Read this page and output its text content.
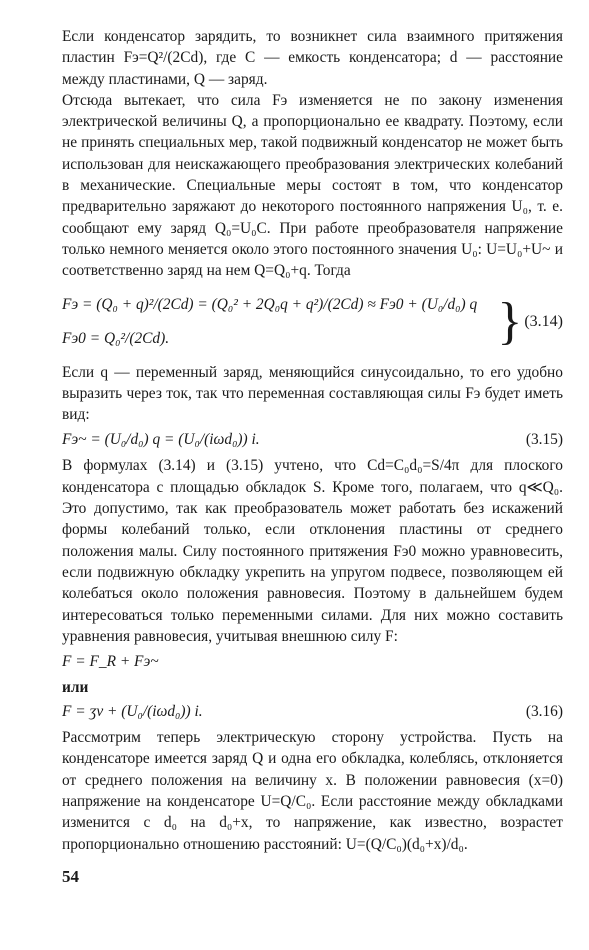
Если конденсатор зарядить, то возникнет сила взаимного притяжения пластин Fэ=Q²/(2Cd), где C — емкость конденсатора; d — расстояние между пластинами, Q — заряд.

Отсюда вытекает, что сила Fэ изменяется не по закону изменения электрической величины Q, а пропорционально ее квадрату. Поэтому, если не принять специальных мер, такой подвижный конденсатор не может быть использован для неискажающего преобразования электрических колебаний в механические. Специальные меры состоят в том, что конденсатор предварительно заряжают до некоторого постоянного напряжения U₀, т. е. сообщают ему заряд Q₀=U₀C. При работе преобразователя напряжение только немного меняется около этого постоянного значения U₀: U=U₀+U~ и соответственно заряд на нем Q=Q₀+q. Тогда

Fэ = (Q₀ + q)²/(2Cd) = (Q₀² + 2Q₀q + q²)/(2Cd) ≈ Fэ0 + (U₀/d₀) q
Fэ0 = Q₀²/(2Cd).	} (3.14)

Если q — переменный заряд, меняющийся синусоидально, то его удобно выразить через ток, так что переменная составляющая силы Fэ будет иметь вид:

Fэ~ = (U₀/d₀) q = (U₀/(iωd₀)) i.	(3.15)

В формулах (3.14) и (3.15) учтено, что Cd=C₀d₀=S/4π для плоского конденсатора с площадью обкладок S. Кроме того, полагаем, что q≪Q₀. Это допустимо, так как преобразователь может работать без искажений формы колебаний только, если отклонения пластины от среднего положения малы. Силу постоянного притяжения Fэ0 можно уравновесить, если подвижную обкладку укрепить на упругом подвесе, позволяющем ей колебаться около положения равновесия. Поэтому в дальнейшем будем интересоваться только переменными силами. Для них можно составить уравнения равновесия, учитывая внешнюю силу F:

F = F_R + Fэ~
или
F = ʒv + (U₀/(iωd₀)) i.	(3.16)

Рассмотрим теперь электрическую сторону устройства. Пусть на конденсаторе имеется заряд Q и одна его обкладка, колеблясь, отклоняется от среднего положения на величину x. В положении равновесия (x=0) напряжение на конденсаторе U=Q/C₀. Если расстояние между обкладками изменится с d₀ на d₀+x, то напряжение, как известно, возрастет пропорционально отношению расстояний: U=(Q/C₀)(d₀+x)/d₀.

54
